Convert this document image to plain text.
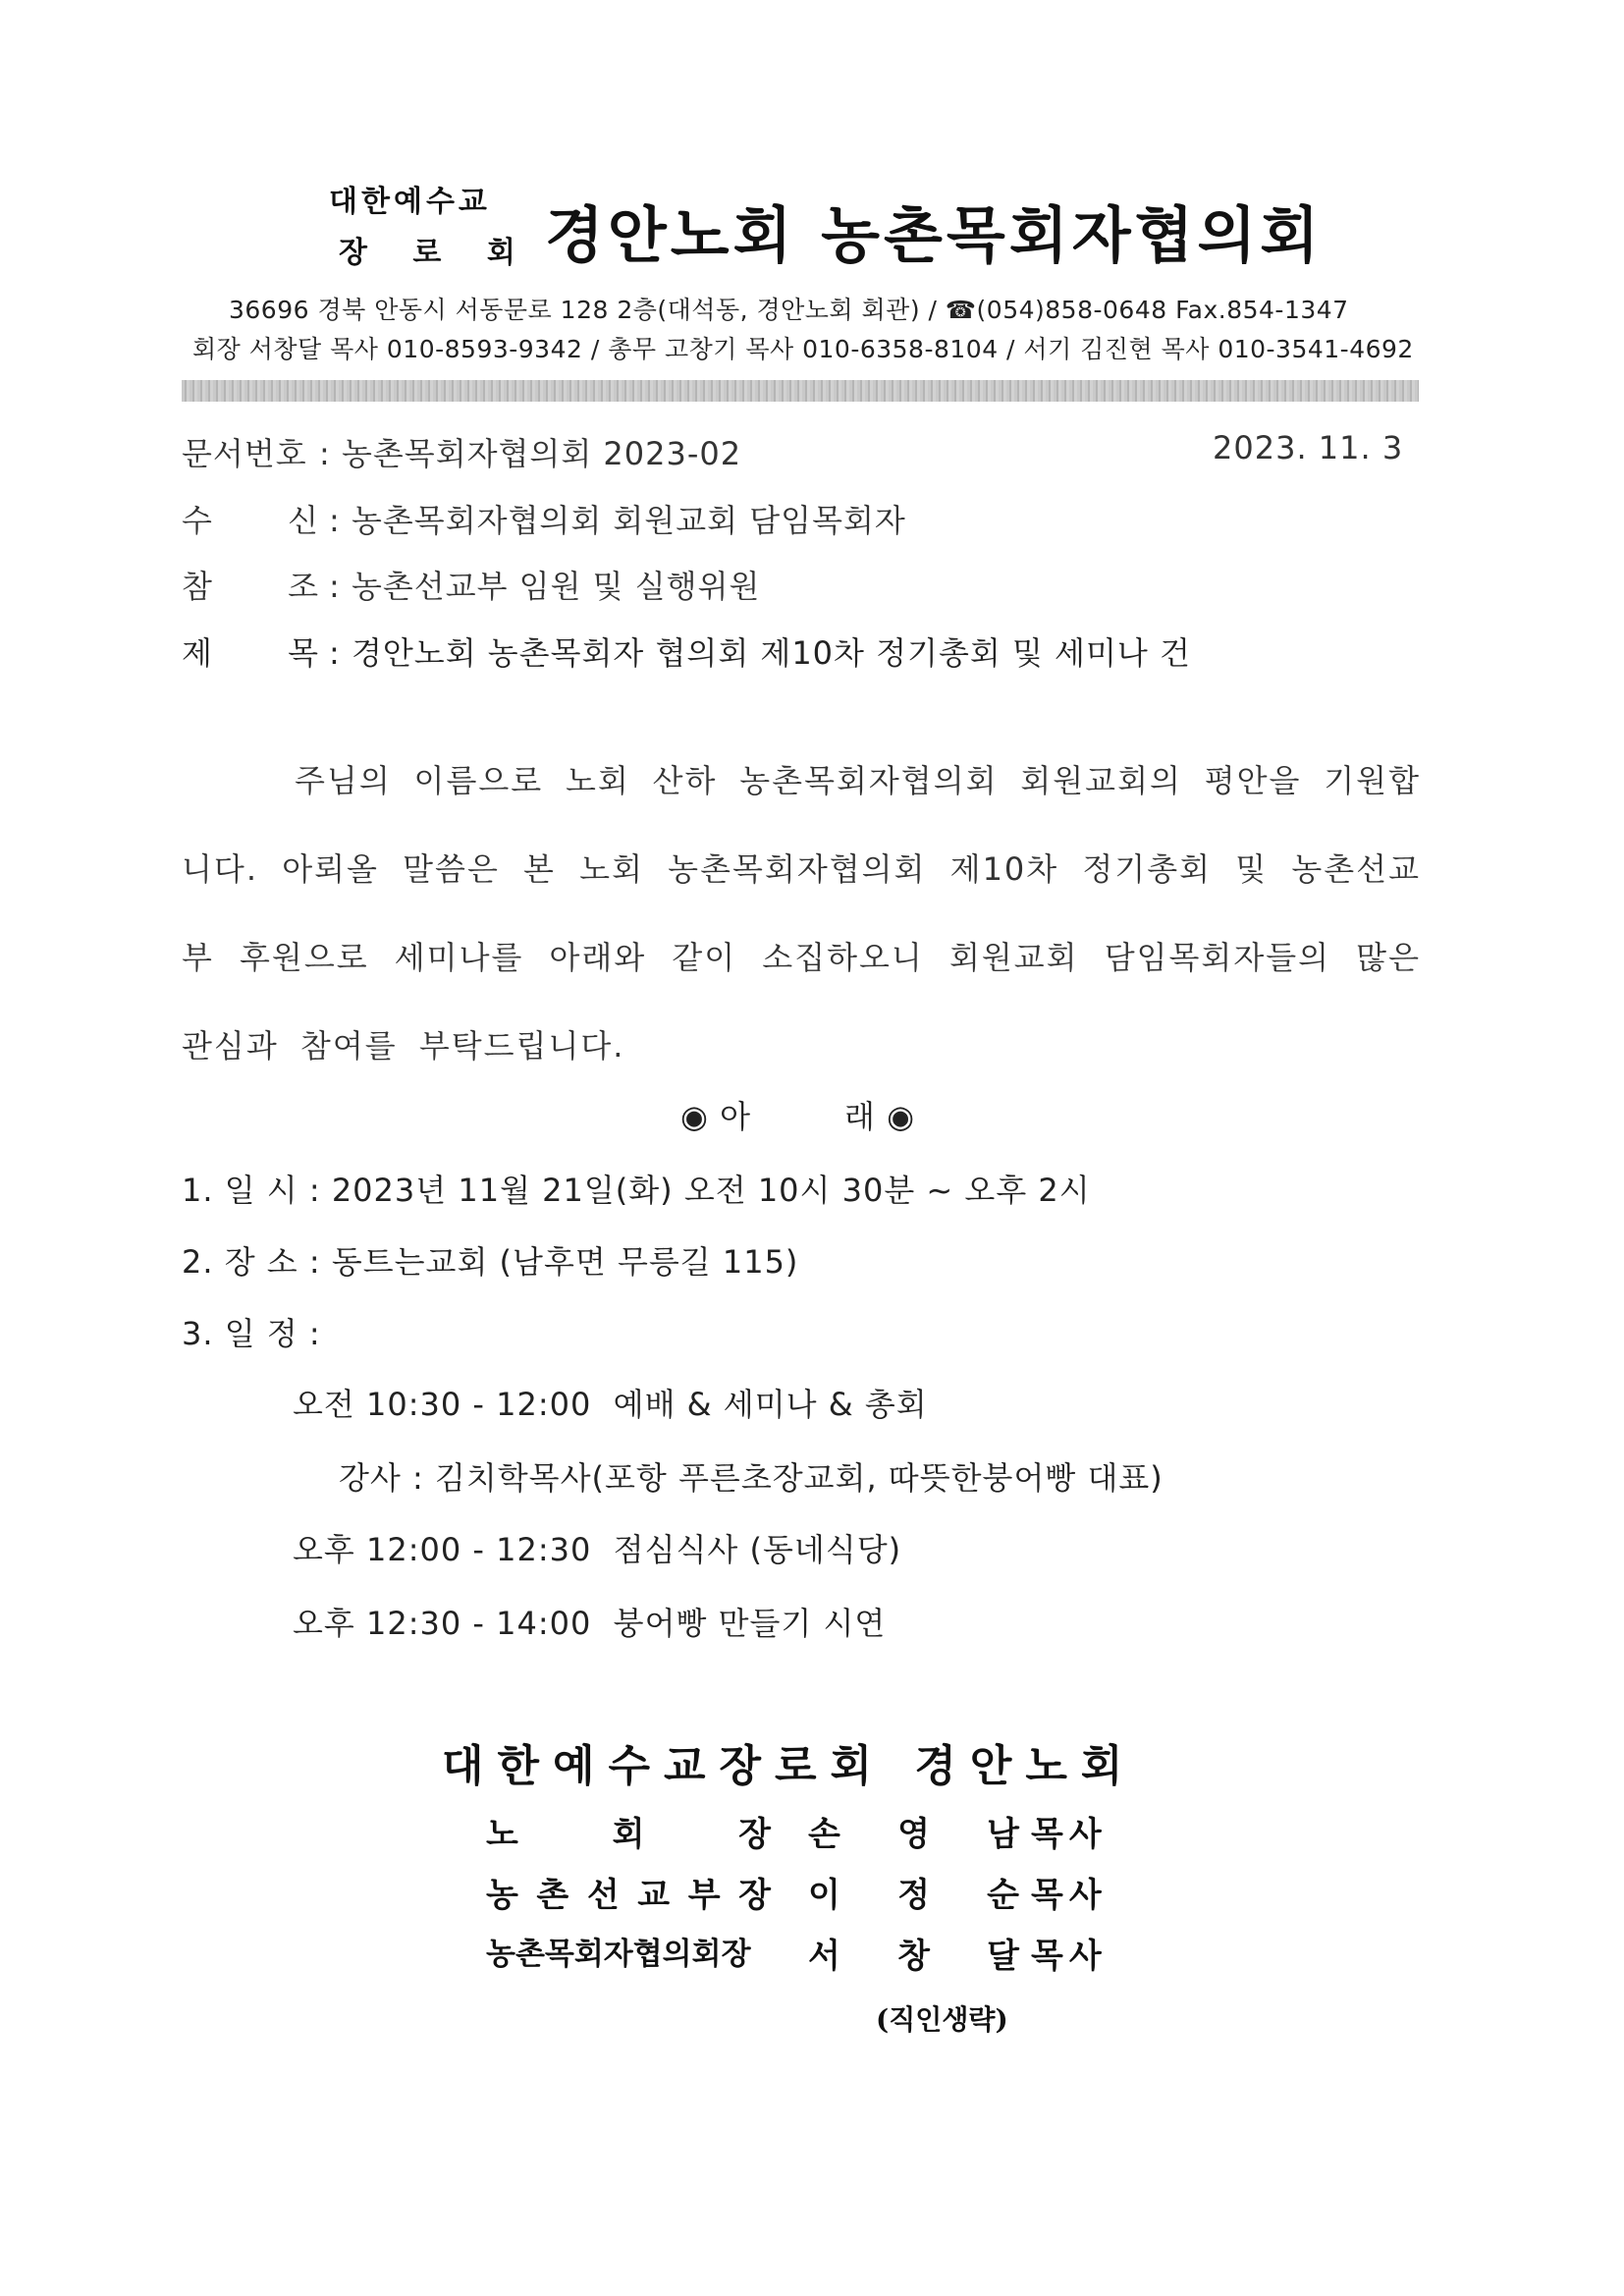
대한예수교
장 로 회 경안노회 농촌목회자협의회
36696 경북 안동시 서동문로 128 2층(대석동, 경안노회 회관) / ☎(054)858-0648 Fax.854-1347
회장 서창달 목사 010-8593-9342 / 총무 고창기 목사 010-6358-8104 / 서기 김진현 목사 010-3541-4692
문서번호 : 농촌목회자협의회 2023-02	2023. 11. 3
수 신 : 농촌목회자협의회 회원교회 담임목회자
참 조 : 농촌선교부 임원 및 실행위원
제 목 : 경안노회 농촌목회자 협의회 제10차 정기총회 및 세미나 건
주님의 이름으로 노회 산하 농촌목회자협의회 회원교회의 평안을 기원합니다. 아뢰올 말씀은 본 노회 농촌목회자협의회 제10차 정기총회 및 농촌선교부 후원으로 세미나를 아래와 같이 소집하오니 회원교회 담임목회자들의 많은 관심과 참여를 부탁드립니다.
◉ 아	래 ◉
1. 일 시 : 2023년 11월 21일(화) 오전 10시 30분 ~ 오후 2시
2. 장 소 : 동트는교회 (남후면 무릉길 115)
3. 일 정 :
오전 10:30 - 12:00  예배 & 세미나 & 총회
강사 : 김치학목사(포항 푸른초장교회, 따뜻한붕어빵 대표)
오후 12:00 - 12:30  점심식사 (동네식당)
오후 12:30 - 14:00  붕어빵 만들기 시연
대한예수교장로회 경안노회
노	회	장 손 영 남 목사
농 촌 선 교 부 장 이 정 순 목사
농촌목회자협의회장 서 창 달 목사
(직인생략)
